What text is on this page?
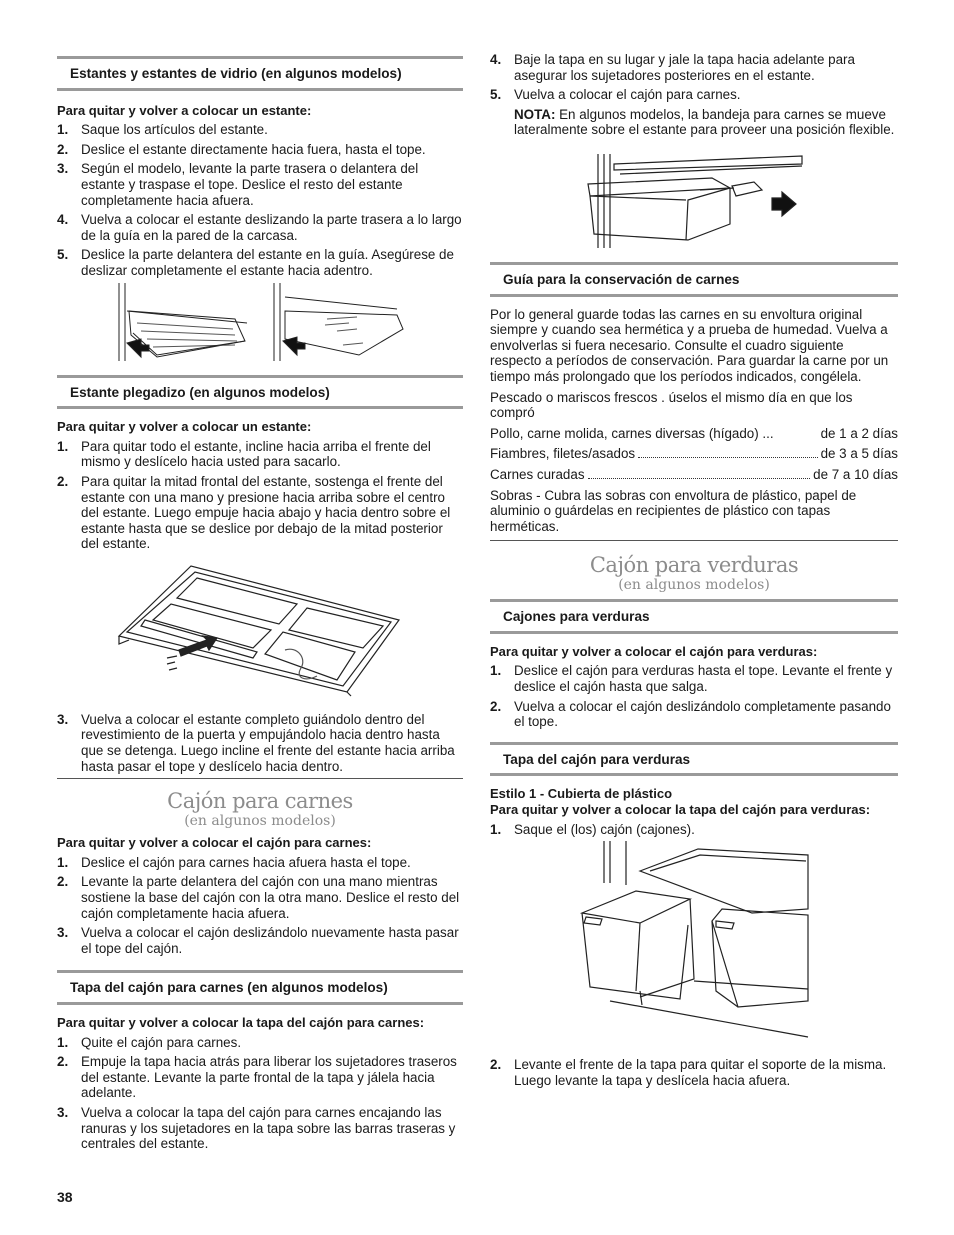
Estantes y estantes de vidrio (en algunos modelos)
Para quitar y volver a colocar un estante:
1. Saque los artículos del estante.
2. Deslice el estante directamente hacia fuera, hasta el tope.
3. Según el modelo, levante la parte trasera o delantera del estante y traspase el tope. Deslice el resto del estante completamente hacia afuera.
4. Vuelva a colocar el estante deslizando la parte trasera a lo largo de la guía en la pared de la carcasa.
5. Deslice la parte delantera del estante en la guía. Asegúrese de deslizar completamente el estante hacia adentro.
Estante plegadizo (en algunos modelos)
Para quitar y volver a colocar un estante:
1. Para quitar todo el estante, incline hacia arriba el frente del mismo y deslícelo hacia usted para sacarlo.
2. Para quitar la mitad frontal del estante, sostenga el frente del estante con una mano y presione hacia arriba sobre el centro del estante. Luego empuje hacia abajo y hacia dentro sobre el estante hasta que se deslice por debajo de la mitad posterior del estante.
3. Vuelva a colocar el estante completo guiándolo dentro del revestimiento de la puerta y empujándolo hacia dentro hasta que se detenga. Luego incline el frente del estante hacia arriba hasta pasar el tope y deslícelo hacia dentro.
Cajón para carnes
(en algunos modelos)
Para quitar y volver a colocar el cajón para carnes:
1. Deslice el cajón para carnes hacia afuera hasta el tope.
2. Levante la parte delantera del cajón con una mano mientras sostiene la base del cajón con la otra mano. Deslice el resto del cajón completamente hacia afuera.
3. Vuelva a colocar el cajón deslizándolo nuevamente hasta pasar el tope del cajón.
Tapa del cajón para carnes (en algunos modelos)
Para quitar y volver a colocar la tapa del cajón para carnes:
1. Quite el cajón para carnes.
2. Empuje la tapa hacia atrás para liberar los sujetadores traseros del estante. Levante la parte frontal de la tapa y jálela hacia adelante.
3. Vuelva a colocar la tapa del cajón para carnes encajando las ranuras y los sujetadores en la tapa sobre las barras traseras y centrales del estante.
4. Baje la tapa en su lugar y jale la tapa hacia adelante para asegurar los sujetadores posteriores en el estante.
5. Vuelva a colocar el cajón para carnes.

NOTA: En algunos modelos, la bandeja para carnes se mueve lateralmente sobre el estante para proveer una posición flexible.

Guía para la conservación de carnes

Por lo general guarde todas las carnes en su envoltura original siempre y cuando sea hermética y a prueba de humedad. Vuelva a envolverlas si fuera necesario. Consulte el cuadro siguiente respecto a períodos de conservación. Para guardar la carne por un tiempo más prolongado que los períodos indicados, congélela.

Pescado o mariscos frescos . úselos el mismo día en que los compró

Pollo, carne molida, carnes diversas (hígado) ...	de 1 a 2 días
Fiambres, filetes/asados	de 3 a 5 días
Carnes curadas	de 7 a 10 días

Sobras - Cubra las sobras con envoltura de plástico, papel de aluminio o guárdelas en recipientes de plástico con tapas herméticas.

Cajón para verduras
(en algunos modelos)
Cajones para verduras
Para quitar y volver a colocar el cajón para verduras:
1. Deslice el cajón para verduras hasta el tope. Levante el frente y deslice el cajón hasta que salga.
2. Vuelva a colocar el cajón deslizándolo completamente pasando el tope.
Tapa del cajón para verduras
Estilo 1 - Cubierta de plástico
Para quitar y volver a colocar la tapa del cajón para verduras:
1. Saque el (los) cajón (cajones).
2. Levante el frente de la tapa para quitar el soporte de la misma. Luego levante la tapa y deslícela hacia afuera.
38
